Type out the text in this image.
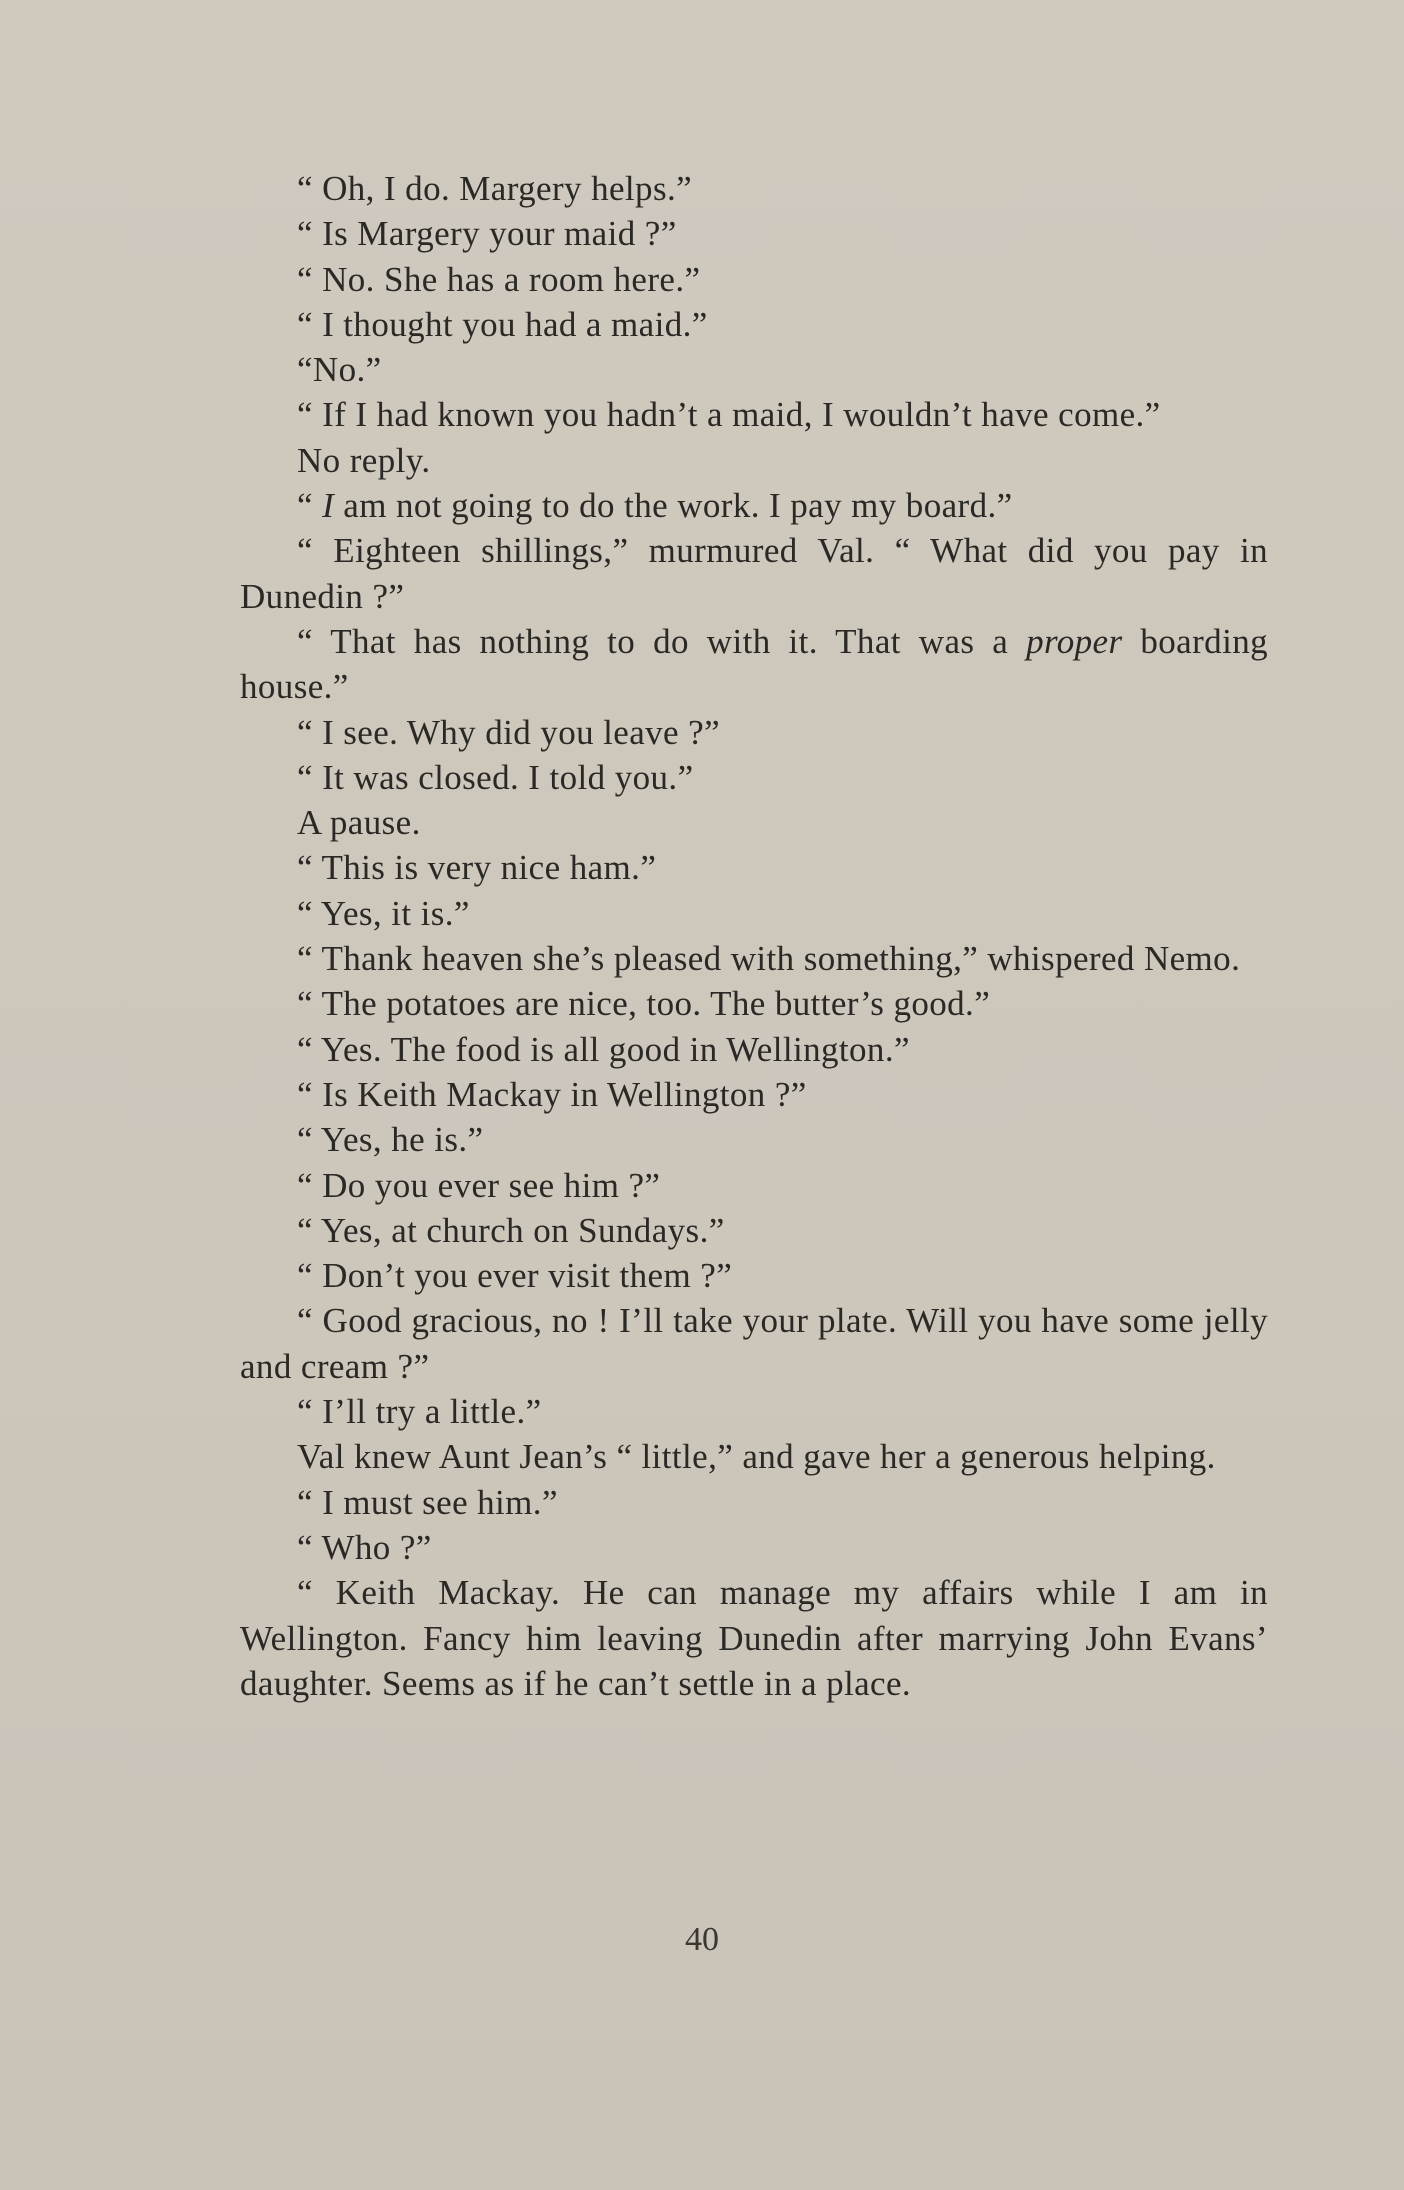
“ Oh, I do. Margery helps.”

“ Is Margery your maid ?”

“ No. She has a room here.”

“ I thought you had a maid.”

“No.”

“ If I had known you hadn’t a maid, I wouldn’t have come.”

No reply.

“ I am not going to do the work. I pay my board.”

“ Eighteen shillings,” murmured Val. “ What did you pay in Dunedin ?”

“ That has nothing to do with it. That was a proper boarding house.”

“ I see. Why did you leave ?”

“ It was closed. I told you.”

A pause.

“ This is very nice ham.”

“ Yes, it is.”

“ Thank heaven she’s pleased with something,” whispered Nemo.

“ The potatoes are nice, too. The butter’s good.”

“ Yes. The food is all good in Wellington.”

“ Is Keith Mackay in Wellington ?”

“ Yes, he is.”

“ Do you ever see him ?”

“ Yes, at church on Sundays.”

“ Don’t you ever visit them ?”

“ Good gracious, no ! I’ll take your plate. Will you have some jelly and cream ?”

“ I’ll try a little.”

Val knew Aunt Jean’s “ little,” and gave her a generous helping.

“ I must see him.”

“ Who ?”

“ Keith Mackay. He can manage my affairs while I am in Wellington. Fancy him leaving Dunedin after marrying John Evans’ daughter. Seems as if he can’t settle in a place.

40
